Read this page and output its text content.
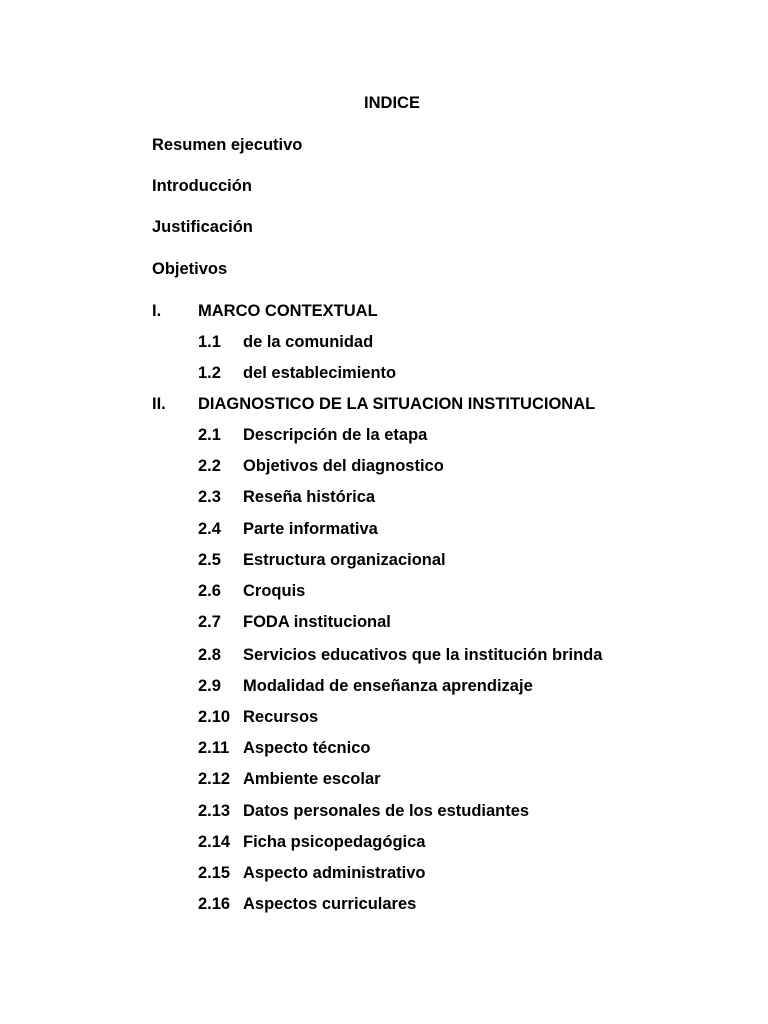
INDICE
Resumen ejecutivo
Introducción
Justificación
Objetivos
I. MARCO CONTEXTUAL
1.1 de la comunidad
1.2 del establecimiento
II. DIAGNOSTICO DE LA SITUACION INSTITUCIONAL
2.1 Descripción de la etapa
2.2 Objetivos del diagnostico
2.3 Reseña histórica
2.4 Parte informativa
2.5 Estructura organizacional
2.6 Croquis
2.7 FODA institucional
2.8 Servicios educativos que la institución brinda
2.9 Modalidad de enseñanza aprendizaje
2.10 Recursos
2.11 Aspecto técnico
2.12 Ambiente escolar
2.13 Datos personales de los estudiantes
2.14 Ficha psicopedagógica
2.15 Aspecto administrativo
2.16 Aspectos curriculares
